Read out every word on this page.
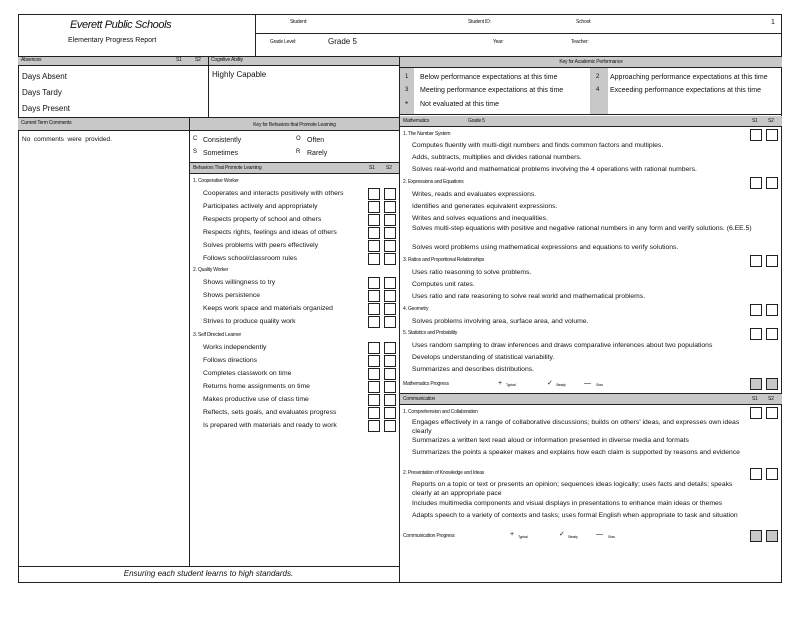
Everett Public Schools
Elementary Progress Report
Student:	Student ID:	School:	1
Grade Level:	Grade 5	Year:	Teacher:
Absences	S1	S2 Cognitive Ability
Days Absent
Days Tardy
Days Present
Highly Capable
Current Term Comments
No  comments  were  provided.
Key for Behaviors that Promote Learning
C Consistently	O Often
S Sometimes	R Rarely
Behaviors That Promote Learning	S1 S2
1. Cooperative Worker
Cooperates and interacts positively with others
Participates actively and appropriately
Respects property of school and others
Respects rights, feelings and ideas of others
Solves problems with peers effectively
Follows school/classroom rules
2. Quality Worker
Shows willingness to try
Shows persistence
Keeps work space and materials organized
Strives to produce quality work
3. Self Directed Learner
Works independently
Follows directions
Completes classwork on time
Returns home assignments on time
Makes productive use of class time
Reflects, sets goals, and evaluates progress
Is prepared with materials and ready to work
Ensuring each student learns to high standards.
Key for Academic Performance
1 Below performance expectations at this time	2 Approaching performance expectations at this time
3 Meeting performance expectations at this time	4 Exceeding performance expectations at this time
* Not evaluated at this time
Mathematics	Grade 5	S1 S2
1. The Number System
Computes fluently with multi-digit numbers and finds common factors and multiples.
Adds, subtracts, multiplies and divides rational numbers.
Solves real-world and mathematical problems involving the 4 operations with rational numbers.
2. Expressions and Equations
Writes, reads and evaluates expressions.
Identifies and generates equivalent expressions.
Writes and solves equations and inequalities.
Solves multi-step equations with positive and negative rational numbers in any form and verify solutions. (6.EE.5)
Solves word problems using mathematical expressions and equations to verify solutions.
3. Ratios and Proportional Relationships
Uses ratio reasoning to solve problems.
Computes unit rates.
Uses ratio and rate reasoning to solve real world and mathematical problems.
4. Geometry
Solves problems involving area, surface area, and volume.
5. Statistics and Probability
Uses random sampling to draw inferences and draws comparative inferences about two populations
Develops understanding of statistical variability.
Summarizes and describes distributions.
Mathematics Progress	+ Typical	✓ Steady	— Slow
Communication	S1 S2
1. Comprehension and Collaboration
Engages effectively in a range of collaborative discussions; builds on others' ideas, and expresses own ideas clearly
Summarizes a written text read aloud or information presented in diverse media and formats
Summarizes the points a speaker makes and explains how each claim is supported by reasons and evidence
2. Presentation of Knowledge and Ideas
Reports on a topic or text or presents an opinion; sequences ideas logically; uses facts and details; speaks clearly at an appropriate pace
Includes multimedia components and visual displays in presentations to enhance main ideas or themes
Adapts speech to a variety of contexts and tasks; uses formal English when appropriate to task and situation
Communication Progress	+ Typical	✓ Steady	— Slow
